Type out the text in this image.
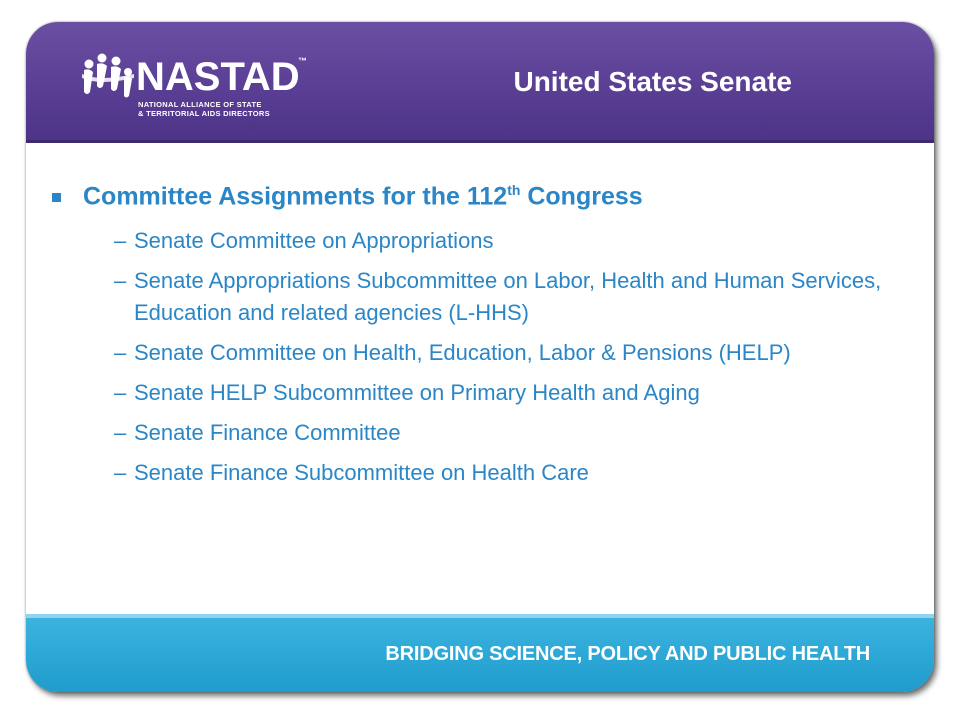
NASTAD
™
NATIONAL ALLIANCE OF STATE
& TERRITORIAL AIDS DIRECTORS
United States Senate
Committee Assignments for the 112th Congress
– Senate Committee on Appropriations
– Senate Appropriations Subcommittee on Labor, Health and Human Services, Education and related agencies (L-HHS)
– Senate Committee on Health, Education, Labor & Pensions (HELP)
– Senate HELP Subcommittee on Primary Health and Aging
– Senate Finance Committee
– Senate Finance Subcommittee on Health Care
BRIDGING SCIENCE, POLICY AND PUBLIC HEALTH
